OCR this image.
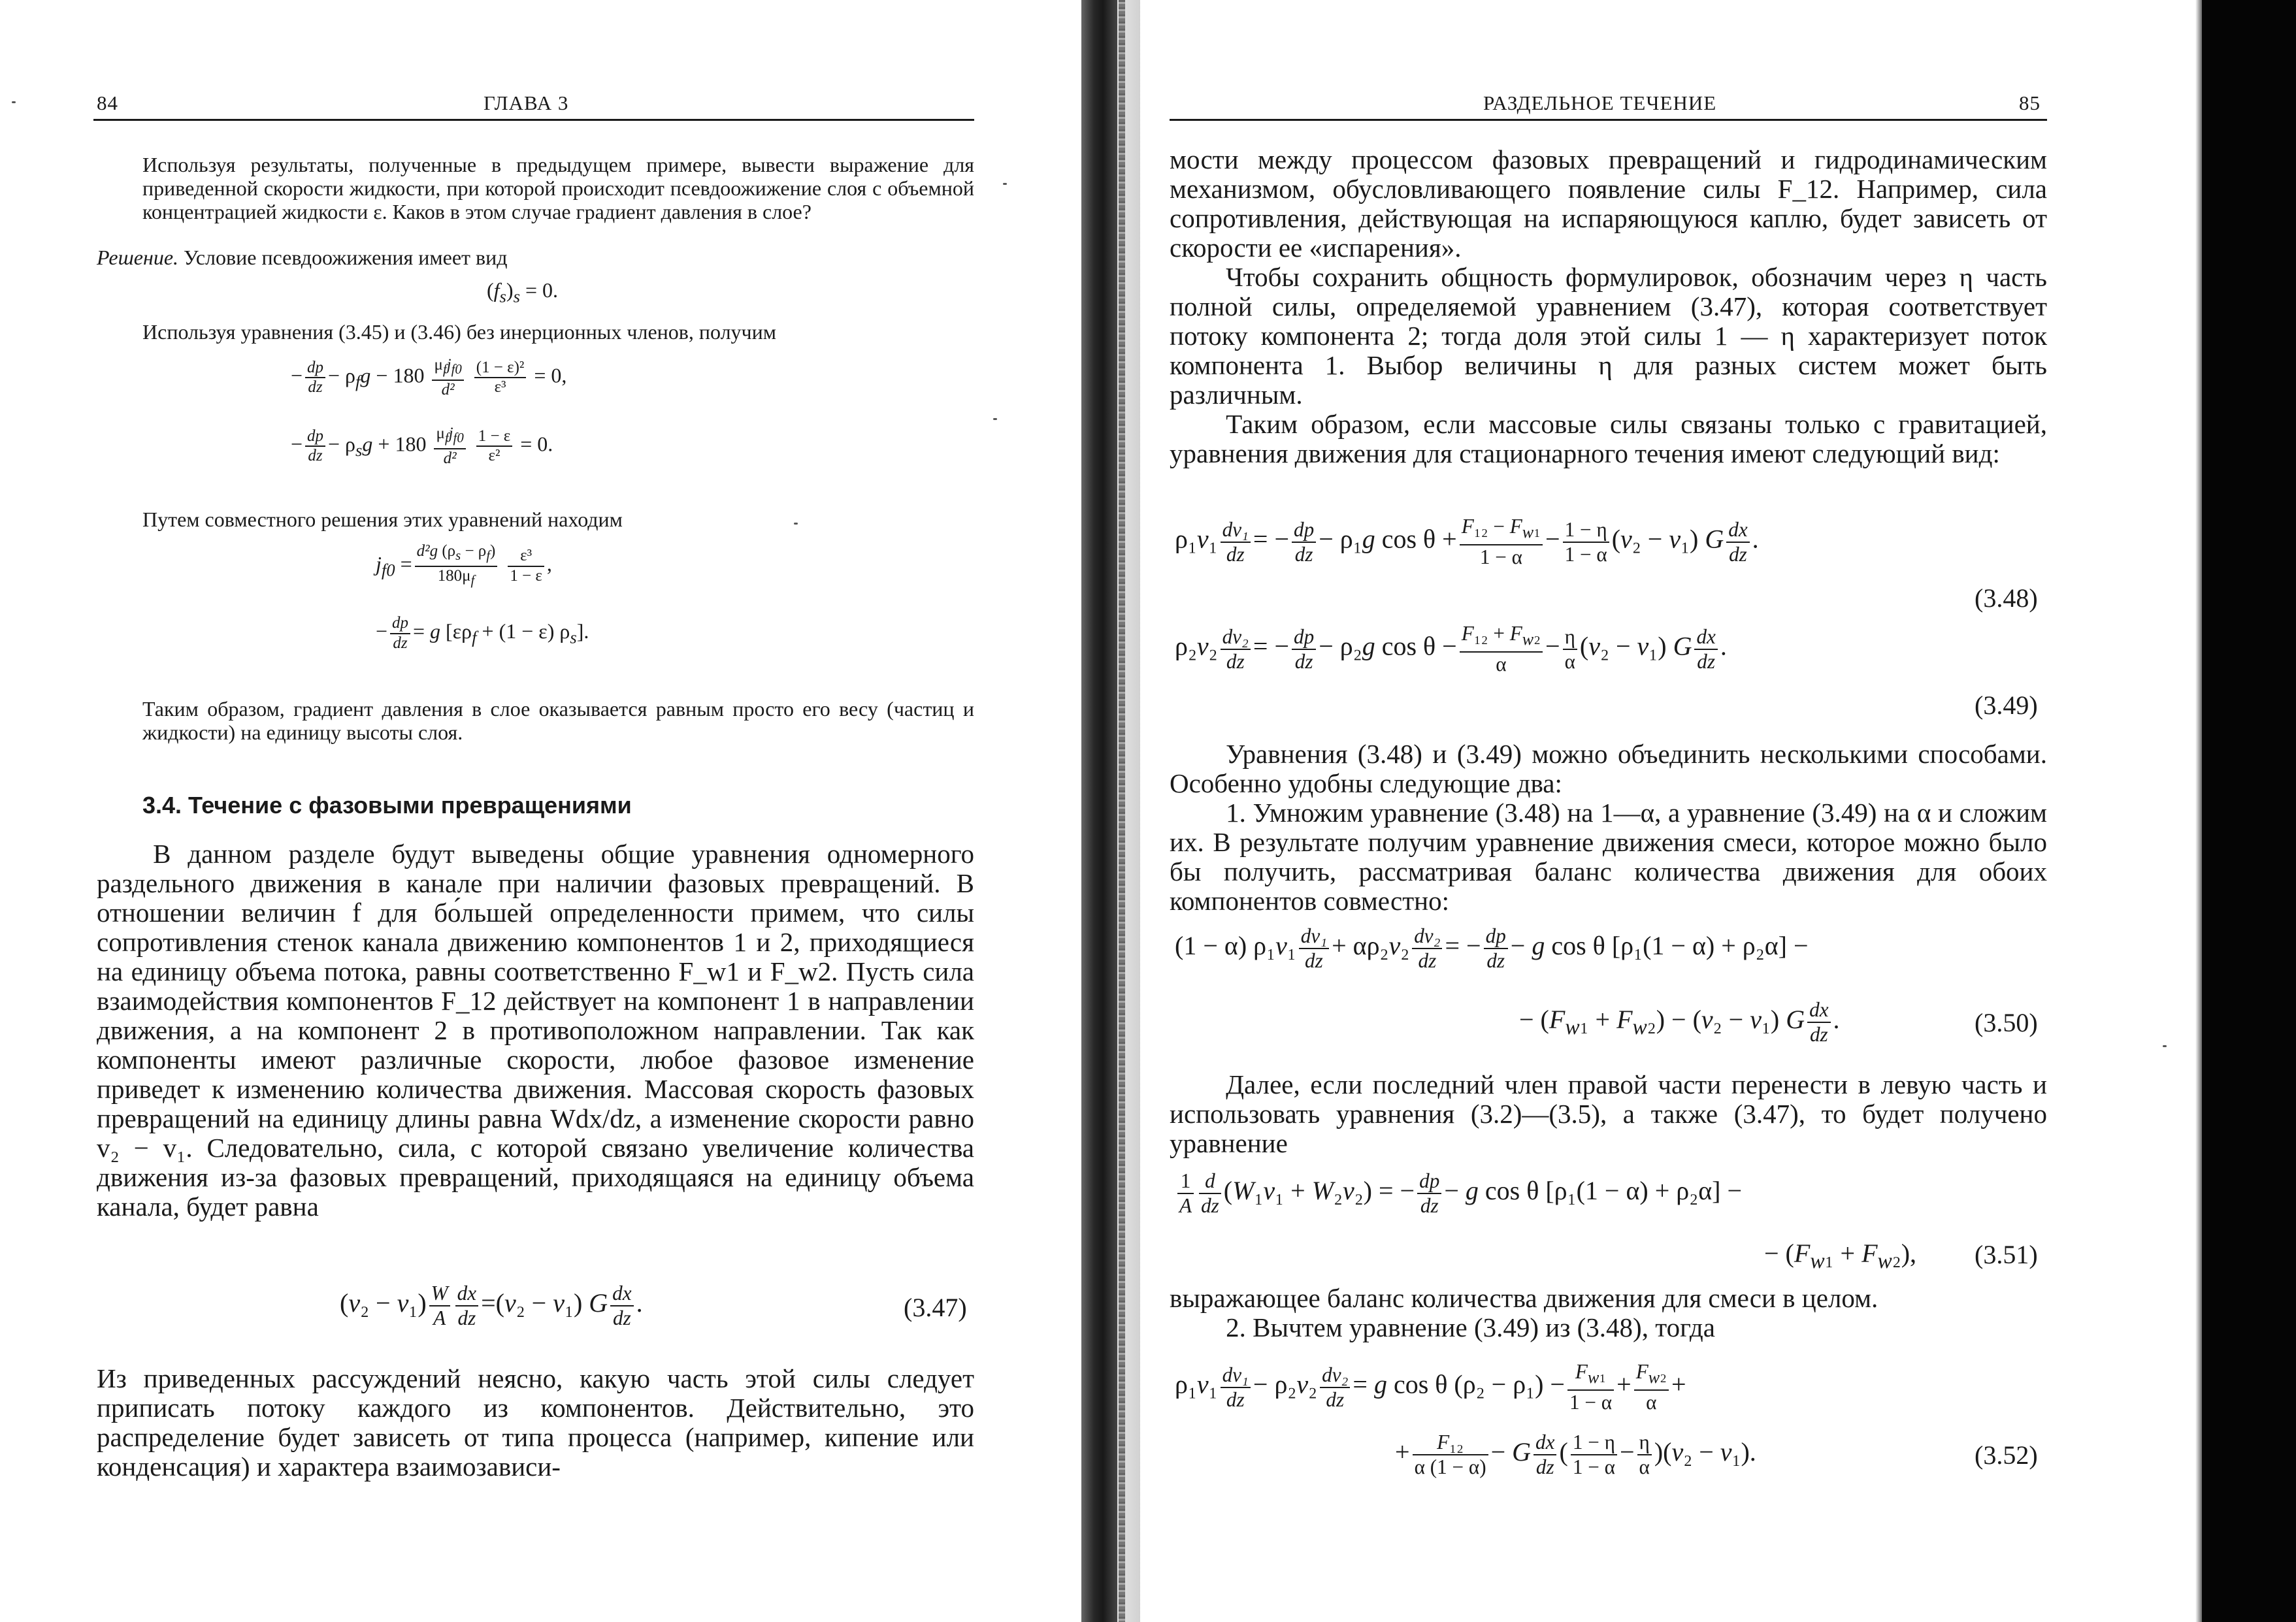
84	ГЛАВА 3

Используя результаты, полученные в предыдущем примере, вывести выражение для приведенной скорости жидкости, при которой происходит псевдоожижение слоя с объемной концентрацией жидкости ε. Каков в этом случае градиент давления в слое?

Решение. Условие псевдоожижения имеет вид

$(f_s)_s = 0$.

Используя уравнения (3.45) и (3.46) без инерционных членов, получим

− $\frac{dp}{dz} - \rho_fg - 180 \frac{\mu_fj_{f0}}{\text{d²}}$
$\frac{\text{(1 − ε)²}}{\text{ε³}} = 0$,
− $\frac{dp}{dz} - \rho_sg + 180 \frac{\mu_fj_{f0}}{\text{d²}}$
$\frac{1 - \varepsilon}{\text{ε²}} = 0$.

Путем совместного решения этих уравнений находим

$j_{f0} = \frac{d^2g (\rho_s - \rho_f)}{180\mu_f}$
$\frac{\text{ε³}}{1 - \varepsilon}$ ,
− $\frac{dp}{dz} = g$ [$\varepsilon\rho_f + (1 - \varepsilon)$ $\rho_s$].

Таким образом, градиент давления в слое оказывается равным просто его весу (частиц и жидкости) на единицу высоты слоя.

3.4. Течение с фазовыми превращениями

В данном разделе будут выведены общие уравнения одномерного раздельного движения в канале при наличии фазовых превращений. В отношении величин f для бо́льшей определенности примем, что силы сопротивления стенок канала движению компонентов 1 и 2, приходящиеся на единицу объема потока, равны соответственно F_w1 и F_w2. Пусть сила взаимодействия компонентов F_12 действует на компонент 1 в направлении движения, а на компонент 2 в противоположном направлении. Так как компоненты имеют различные скорости, любое фазовое изменение приведет к изменению количества движения. Массовая скорость фазовых превращений на единицу длины равна Wdx/dz, а изменение скорости равно v₂ − v₁. Следовательно, сила, с которой связано увеличение количества движения из-за фазовых превращений, приходящаяся на единицу объема канала, будет равна

$(v_2 - v_1) \frac{W}{A} \frac{dx}{dz} =(v_2 - v_1)$ G $\frac{dx}{dz}$ .	(3.47)

Из приведенных рассуждений неясно, какую часть этой силы следует приписать потоку каждого из компонентов. Действительно, это распределение будет зависеть от типа процесса (например, кипение или конденсация) и характера взаимозависи-

РАЗДЕЛЬНОЕ ТЕЧЕНИЕ	85

мости между процессом фазовых превращений и гидродинамическим механизмом, обусловливающего появление силы F_12. Например, сила сопротивления, действующая на испаряющуюся каплю, будет зависеть от скорости ее «испарения».

Чтобы сохранить общность формулировок, обозначим через η часть полной силы, определяемой уравнением (3.47), которая соответствует потоку компонента 2; тогда доля этой силы 1 — η характеризует поток компонента 1. Выбор величины η для разных систем может быть различным.

Таким образом, если массовые силы связаны только с гравитацией, уравнения движения для стационарного течения имеют следующий вид:

$\rho_1v_1 \frac{\text{dv₁}}{dz}$ = − $\frac{dp}{dz} - \rho_1g$ $\cos \theta + \frac{F_{12} - F_w_1}{1 - \alpha} - \frac{1 - \eta}{1 - \alpha} (v_2 - v_1)$ G $\frac{dx}{dz}$ .
(3.48)
$\rho_2v_2 \frac{\text{dv₂}}{dz}$ = − $\frac{dp}{dz} - \rho_2g$ $\cos \theta - \frac{F_{12} + F_w_2}{\alpha} - \frac{\eta}{\alpha} (v_2 - v_1)$ G $\frac{dx}{dz}$ .
(3.49)

Уравнения (3.48) и (3.49) можно объединить несколькими способами. Особенно удобны следующие два:

1. Умножим уравнение (3.48) на 1—α, а уравнение (3.49) на α и сложим их. В результате получим уравнение движения смеси, которое можно было бы получить, рассматривая баланс количества движения для обоих компонентов совместно:

(1 − α) $\rho_1v_1 \frac{\text{dv₁}}{dz} + \alpha\rho_2v_2 \frac{\text{dv₂}}{dz}$ = − $\frac{dp}{dz} - g$ cos θ [ρ₁(1 − α) + ρ₂α] −
− $(F_w_1 + F_w_2) - (v_2 - v_1)$ G $\frac{dx}{dz}$ .	(3.50)

Далее, если последний член правой части перенести в левую часть и использовать уравнения (3.2)—(3.5), а также (3.47), то будет получено уравнение

$\frac{1}{A} \frac{d}{dz} (W_1v_1 + W_2v_2)$ = − $\frac{dp}{dz} - g$ cos θ [ρ₁(1 − α) + ρ₂α] −
− $(F_w_1 + F_w_2)$, (3.51)

выражающее баланс количества движения для смеси в целом.

2. Вычтем уравнение (3.49) из (3.48), тогда

$\rho_1v_1 \frac{\text{dv₁}}{dz} - \rho_2v_2 \frac{\text{dv₂}}{dz} = g$ cos θ $(\rho_2 - \rho_1) - \frac{F_w_1}{1 - \alpha} + \frac{F_w_2}{\alpha}$ +
+ $\frac{\text{F₁₂}}{\alpha (1 - \alpha)} - G \frac{dx}{dz}$ ( $\frac{1 - \eta}{1 - \alpha} - \frac{\eta}{\alpha} )(v_2 - v_1)$.	(3.52)
